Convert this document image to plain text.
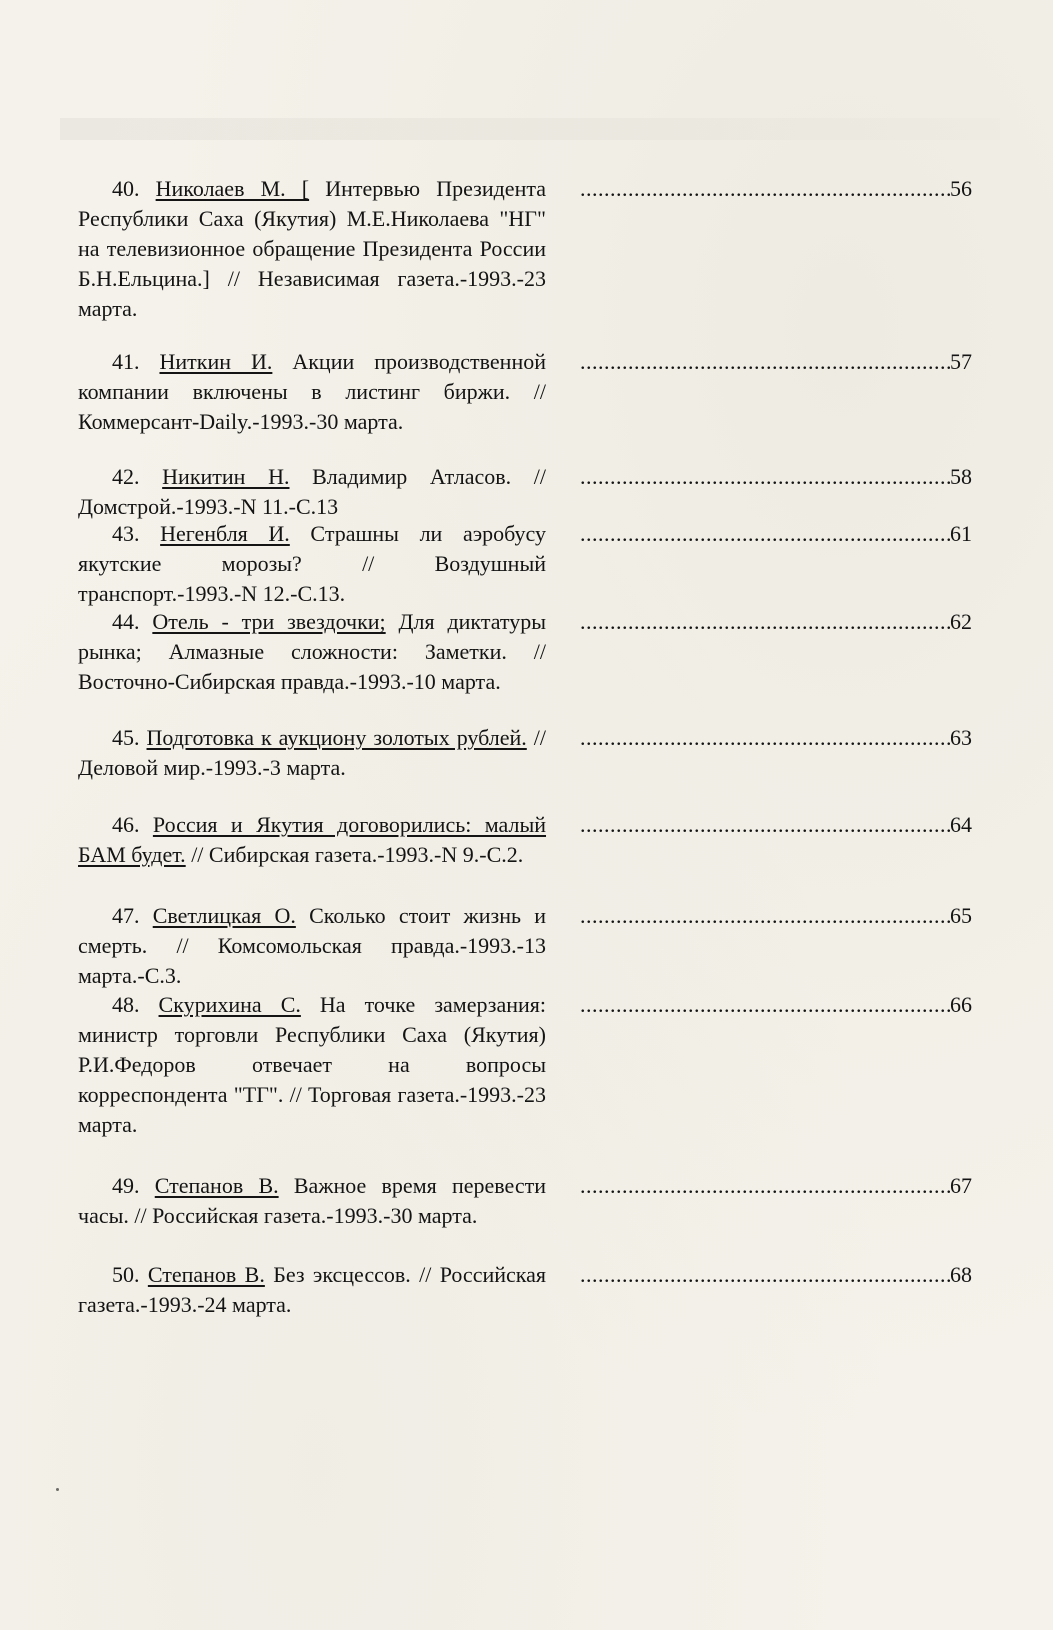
40. Николаев М. [ Интервью Президента Республики Саха (Якутия) М.Е.Николаева "НГ" на телевизионное обращение Президента России Б.Н.Ельцина.] // Независимая газета.-1993.-23 марта.
.....
56
41. Ниткин И. Акции производственной компании включены в листинг биржи. // Коммерсант-Daily.-1993.-30 марта.
.....
57
42. Никитин Н. Владимир Атласов. // Домстрой.-1993.-N 11.-С.13
.....
58
43. Негенбля И. Страшны ли аэробусу якутские морозы? // Воздушный транспорт.-1993.-N 12.-С.13.
.....
61
44. Отель - три звездочки; Для диктатуры рынка; Алмазные сложности: Заметки. // Восточно-Сибирская правда.-1993.-10 марта.
.....
62
45. Подготовка к аукциону золотых рублей. // Деловой мир.-1993.-3 марта.
.....
63
46. Россия и Якутия договорились: малый БАМ будет. // Сибирская газета.-1993.-N 9.-С.2.
.....
64
47. Светлицкая О. Сколько стоит жизнь и смерть. // Комсомольская правда.-1993.-13 марта.-С.3.
.....
65
48. Скурихина С. На точке замерзания: министр торговли Республики Саха (Якутия) Р.И.Федоров отвечает на вопросы корреспондента "ТГ". // Торговая газета.-1993.-23 марта.
.....
66
49. Степанов В. Важное время перевести часы. // Российская газета.-1993.-30 марта.
.....
67
50. Степанов В. Без эксцессов. // Российская газета.-1993.-24 марта.
.....
68
